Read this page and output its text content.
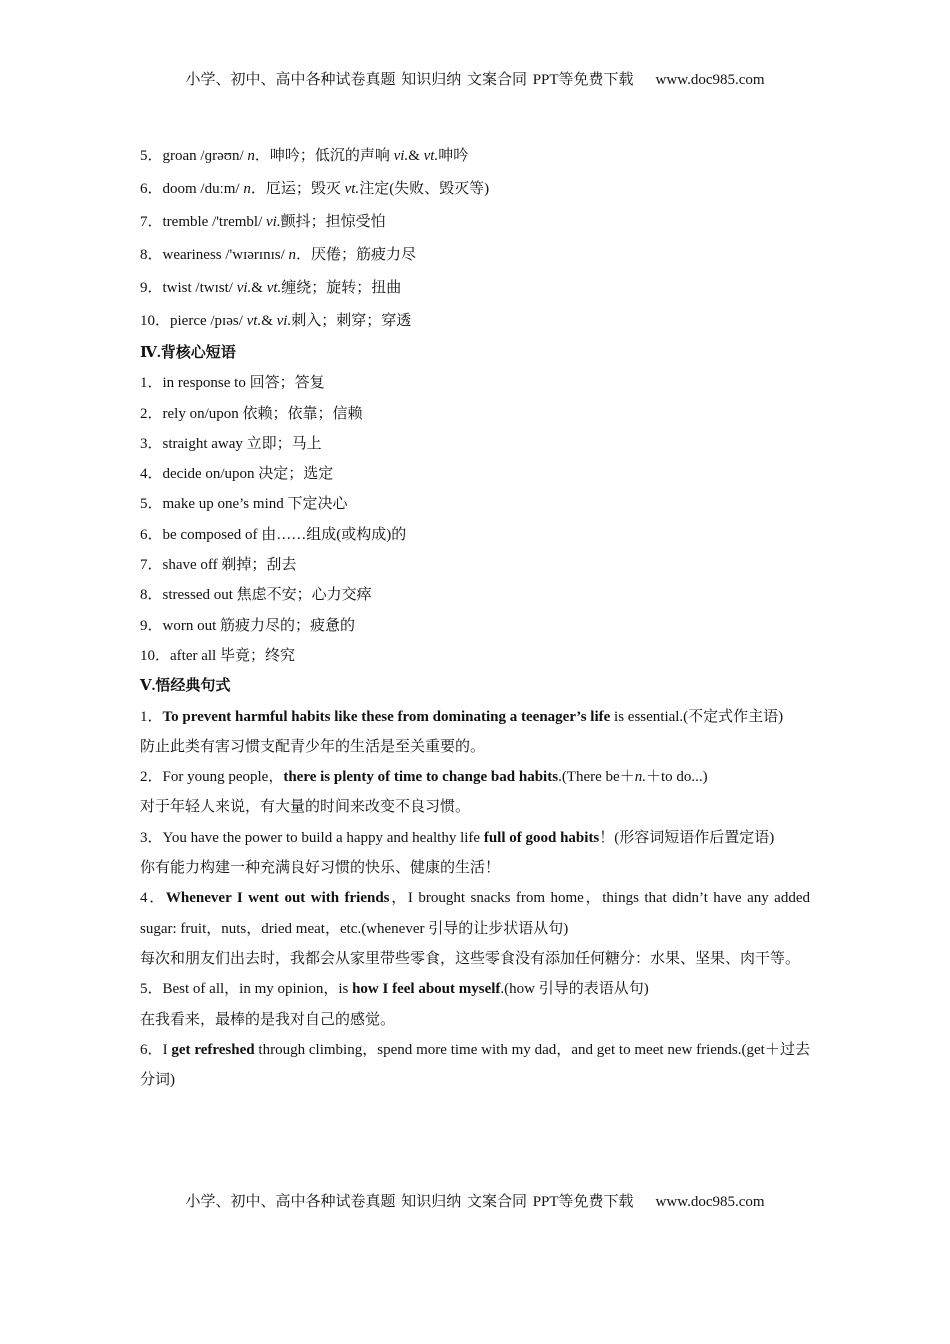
小学、初中、高中各种试卷真题 知识归纳 文案合同 PPT等免费下载 www.doc985.com
5．groan /ɡrəʊn/ n．呻吟；低沉的声响 vi.& vt.呻吟
6．doom /duːm/ n．厄运；毁灭 vt.注定(失败、毁灭等)
7．tremble /'trembl/ vi.颤抖；担惊受怕
8．weariness /'wɪərɪnɪs/ n．厌倦；筋疲力尽
9．twist /twɪst/ vi.& vt.缠绕；旋转；扭曲
10．pierce /pɪəs/ vt.& vi.刺入；刺穿；穿透
Ⅳ.背核心短语
1．in response to 回答；答复
2．rely on/upon 依赖；依靠；信赖
3．straight away 立即；马上
4．decide on/upon 决定；选定
5．make up one’s mind 下定决心
6．be composed of 由……组成(或构成)的
7．shave off 剃掉；刮去
8．stressed out 焦虑不安；心力交瘁
9．worn out 筋疲力尽的；疲惫的
10．after all 毕竟；终究
Ⅴ.悟经典句式
1．To prevent harmful habits like these from dominating a teenager’s life is essential.(不定式作主语)
防止此类有害习惯支配青少年的生活是至关重要的。
2．For young people，there is plenty of time to change bad habits.(There be＋n.＋to do...)
对于年轻人来说，有大量的时间来改变不良习惯。
3．You have the power to build a happy and healthy life full of good habits！(形容词短语作后置定语)
你有能力构建一种充满良好习惯的快乐、健康的生活！
4．Whenever I went out with friends，I brought snacks from home，things that didn’t have any added sugar: fruit，nuts，dried meat，etc.(whenever 引导的让步状语从句)
每次和朋友们出去时，我都会从家里带些零食，这些零食没有添加任何糖分：水果、坚果、肉干等。
5．Best of all，in my opinion，is how I feel about myself.(how 引导的表语从句)
在我看来，最棒的是我对自己的感觉。
6．I get refreshed through climbing，spend more time with my dad，and get to meet new friends.(get＋过去分词)
小学、初中、高中各种试卷真题 知识归纳 文案合同 PPT等免费下载 www.doc985.com
